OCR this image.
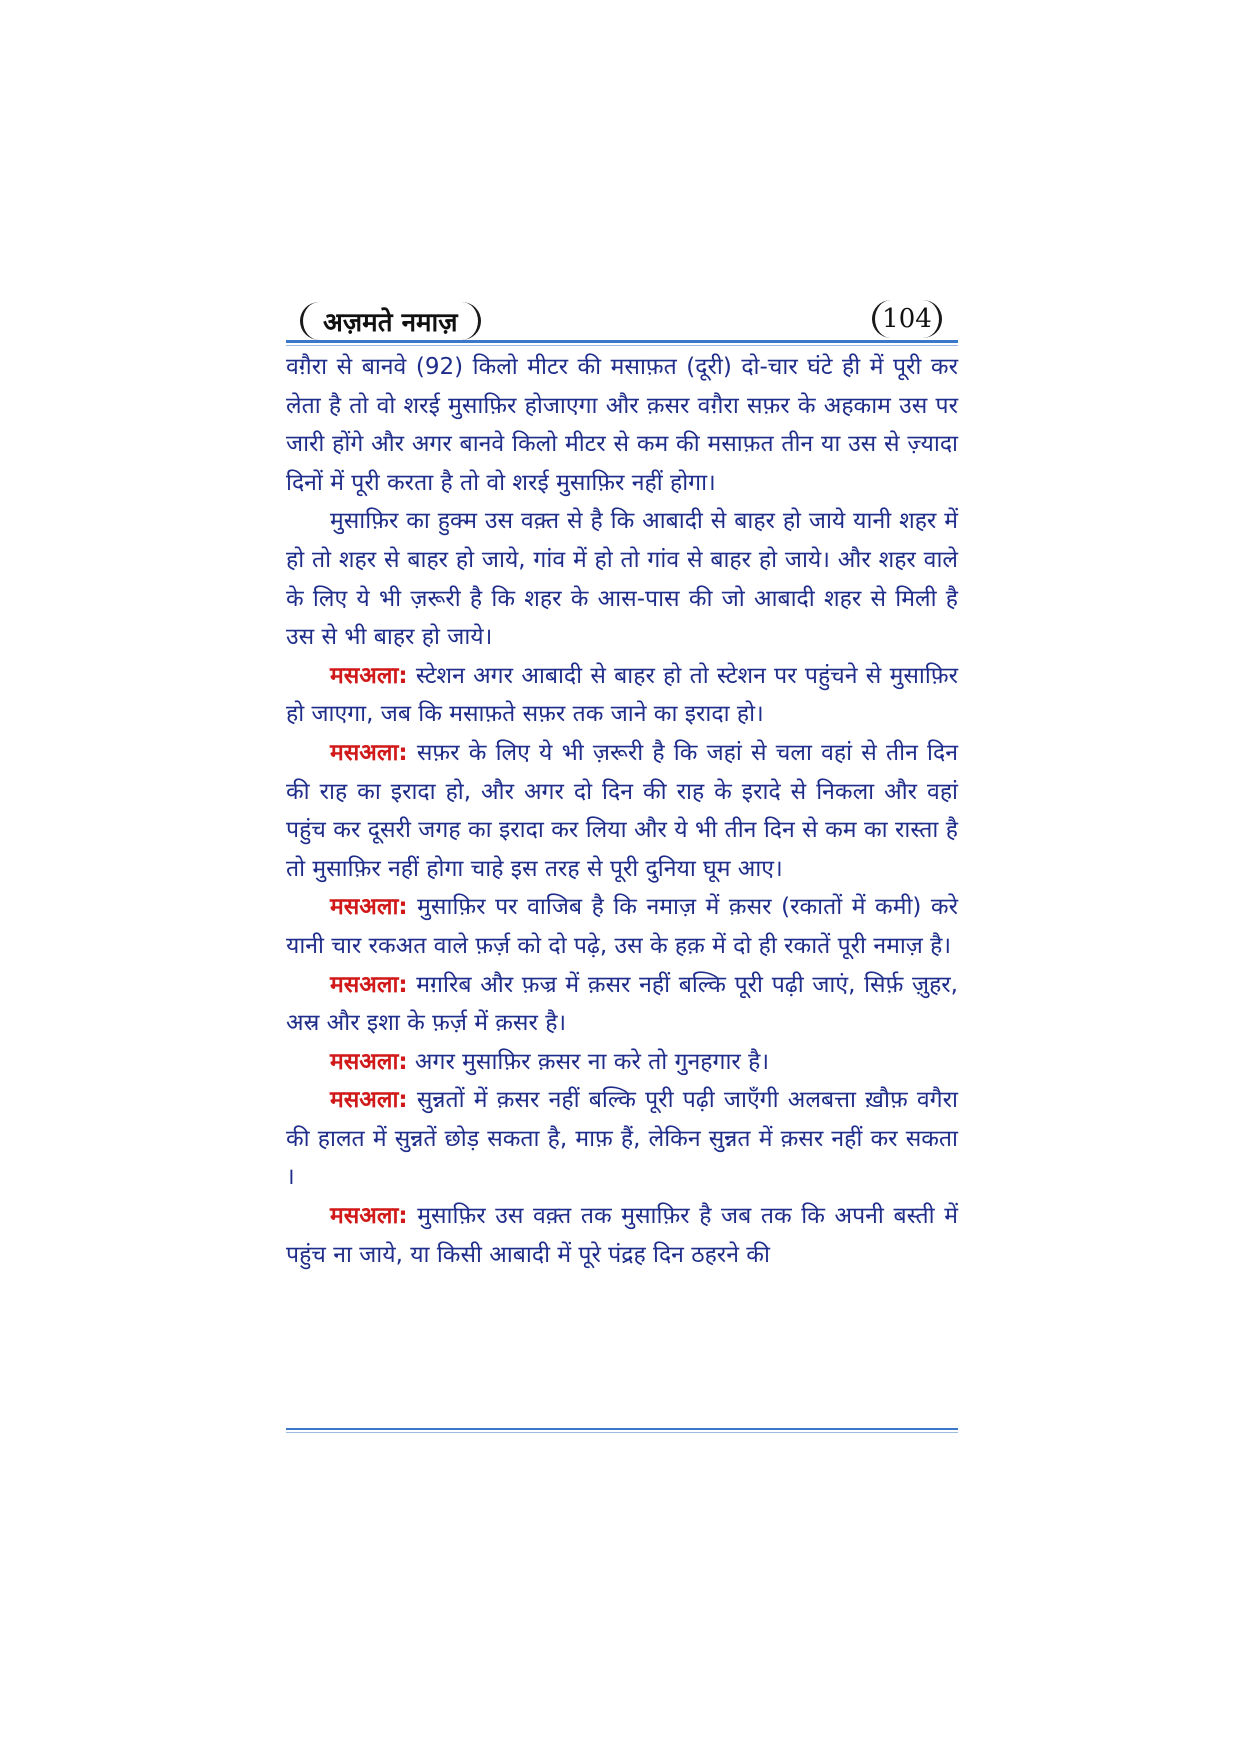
अज़मते नमाज़	104

वग़ैरा से बानवे (92) किलो मीटर की मसाफ़त (दूरी) दो-चार घंटे ही में पूरी कर लेता है तो वो शरई मुसाफ़िर होजाएगा और क़सर वग़ैरा सफ़र के अहकाम उस पर जारी होंगे और अगर बानवे किलो मीटर से कम की मसाफ़त तीन या उस से ज़्यादा दिनों में पूरी करता है तो वो शरई मुसाफ़िर नहीं होगा।

मुसाफ़िर का हुक्म उस वक़्त से है कि आबादी से बाहर हो जाये यानी शहर में हो तो शहर से बाहर हो जाये, गांव में हो तो गांव से बाहर हो जाये। और शहर वाले के लिए ये भी ज़रूरी है कि शहर के आस-पास की जो आबादी शहर से मिली है उस से भी बाहर हो जाये।

मसअला: स्टेशन अगर आबादी से बाहर हो तो स्टेशन पर पहुंचने से मुसाफ़िर हो जाएगा, जब कि मसाफ़ते सफ़र तक जाने का इरादा हो।

मसअला: सफ़र के लिए ये भी ज़रूरी है कि जहां से चला वहां से तीन दिन की राह का इरादा हो, और अगर दो दिन की राह के इरादे से निकला और वहां पहुंच कर दूसरी जगह का इरादा कर लिया और ये भी तीन दिन से कम का रास्ता है तो मुसाफ़िर नहीं होगा चाहे इस तरह से पूरी दुनिया घूम आए।

मसअला: मुसाफ़िर पर वाजिब है कि नमाज़ में क़सर (रकातों में कमी) करे यानी चार रकअत वाले फ़र्ज़ को दो पढ़े, उस के हक़ में दो ही रकातें पूरी नमाज़ है।

मसअला: मग़रिब और फ़ज्र में क़सर नहीं बल्कि पूरी पढ़ी जाएं, सिर्फ़ ज़ुहर, अस्र और इशा के फ़र्ज़ में क़सर है।

मसअला: अगर मुसाफ़िर क़सर ना करे तो गुनहगार है।

मसअला: सुन्नतों में क़सर नहीं बल्कि पूरी पढ़ी जाएँगी अलबत्ता ख़ौफ़ वगैरा की हालत में सुन्नतें छोड़ सकता है, माफ़ हैं, लेकिन सुन्नत में क़सर नहीं कर सकता ।

मसअला: मुसाफ़िर उस वक़्त तक मुसाफ़िर है जब तक कि अपनी बस्ती में पहुंच ना जाये, या किसी आबादी में पूरे पंद्रह दिन ठहरने की
